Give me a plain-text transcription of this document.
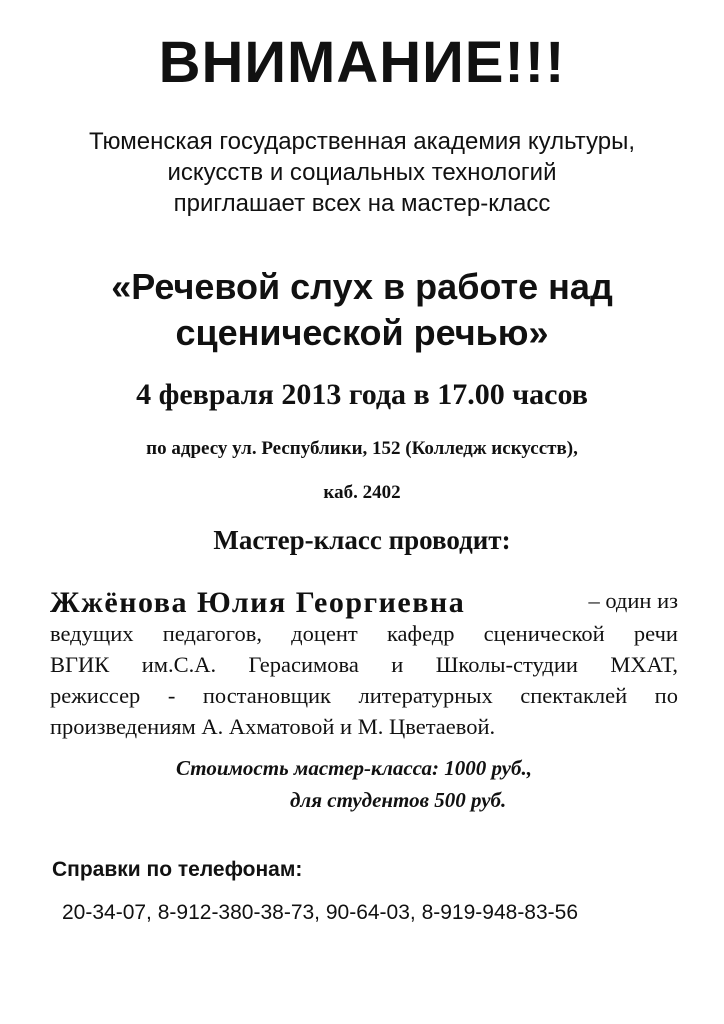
ВНИМАНИЕ!!!
Тюменская государственная академия культуры,
искусств и социальных технологий
приглашает всех на мастер-класс
«Речевой слух в работе над
сценической речью»
4 февраля 2013 года в 17.00 часов
по адресу ул. Республики, 152 (Колледж искусств),
каб. 2402
Мастер-класс проводит:
Жжёнова Юлия Георгиевна	– один из
ведущих педагогов, доцент кафедр сценической речи
ВГИК им.С.А. Герасимова и Школы-студии МХАТ,
режиссер - постановщик литературных спектаклей по
произведениям А. Ахматовой и М. Цветаевой.
Стоимость мастер-класса: 1000 руб.,
для студентов 500 руб.
Справки по телефонам:
20-34-07, 8-912-380-38-73, 90-64-03, 8-919-948-83-56
